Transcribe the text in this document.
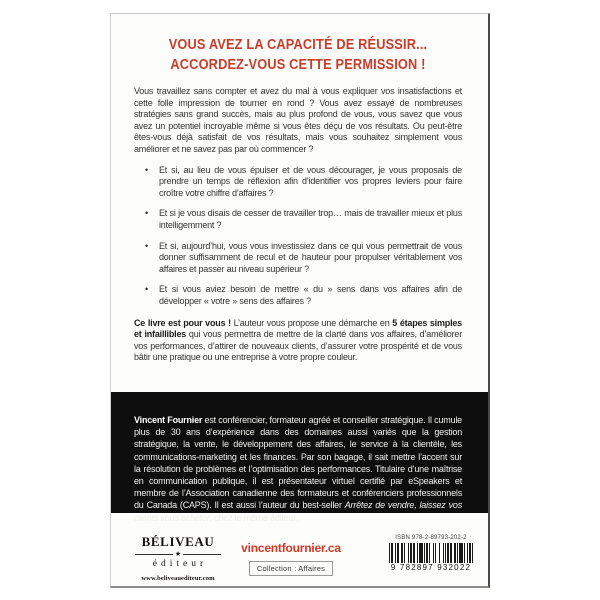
VOUS AVEZ LA CAPACITÉ DE RÉUSSIR...
ACCORDEZ-VOUS CETTE PERMISSION !

Vous travaillez sans compter et avez du mal à vous expliquer vos insatisfactions et cette folle impression de tourner en rond ? Vous avez essayé de nombreuses stratégies sans grand succès, mais au plus profond de vous, vous savez que vous avez un potentiel incroyable même si vous êtes déçu de vos résultats. Ou peut-être êtes-vous déjà satisfait de vos résultats, mais vous souhaitez simplement vous améliorer et ne savez pas par où commencer ?

•	Et si, au lieu de vous épuiser et de vous décourager, je vous proposais de prendre un temps de réflexion afin d’identifier vos propres leviers pour faire croître votre chiffre d’affaires ?
•	Et si je vous disais de cesser de travailler trop… mais de travailler mieux et plus intelligemment ?
•	Et si, aujourd’hui, vous vous investissiez dans ce qui vous permettrait de vous donner suffisamment de recul et de hauteur pour propulser véritablement vos affaires et passer au niveau supérieur ?
•	Et si vous aviez besoin de mettre « du » sens dans vos affaires afin de développer « votre » sens des affaires ?

Ce livre est pour vous ! L’auteur vous propose une démarche en 5 étapes simples et infaillibles qui vous permettra de mettre de la clarté dans vos affaires, d’améliorer vos performances, d’attirer de nouveaux clients, d’assurer votre prospérité et de vous bâtir une pratique ou une entreprise à votre propre couleur.

Vincent Fournier est conférencier, formateur agréé et conseiller stratégique. Il cumule plus de 30 ans d’expérience dans des domaines aussi variés que la gestion stratégique, la vente, le développement des affaires, le service à la clientèle, les communications-marketing et les finances. Par son bagage, il sait mettre l’accent sur la résolution de problèmes et l’optimisation des performances. Titulaire d’une maîtrise en communication publique, il est présentateur virtuel certifié par eSpeakers et membre de l’Association canadienne des formateurs et conférenciers professionnels du Canada (CAPS). Il est aussi l’auteur du best-seller Arrêtez de vendre, laissez vos clients vous acheter, chez le même éditeur.

BÉLIVEAU
★
éditeur
www.beliveauediteur.com
vincentfournier.ca
Collection : Affaires
ISBN 978-2-89793-202-2
9 782897 932022
